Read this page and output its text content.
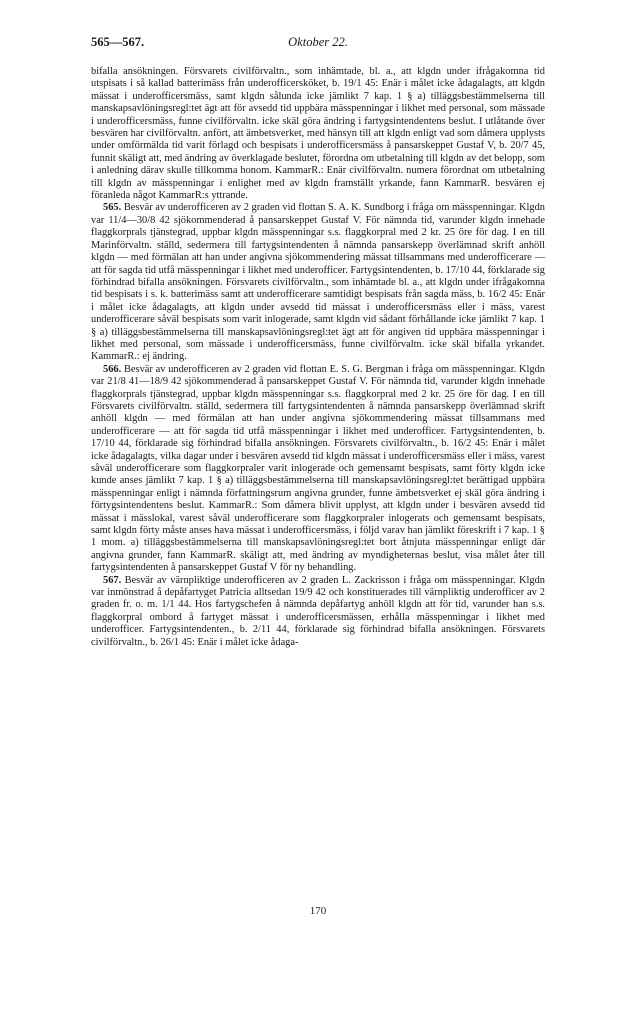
565—567.	Oktober 22.

bifalla ansökningen. Försvarets civilförvaltn., som inhämtade, bl. a., att klgdn under ifrågakomna tid utspisats i så kallad batterimäss från underofficersköket, b. 19/1 45: Enär i målet icke ådagalagts, att klgdn mässat i underofficersmäss, samt klgdn sålunda icke jämlikt 7 kap. 1 § a) tilläggsbestämmelserna till manskapsavlöningsregl:tet ägt att för avsedd tid uppbära mässpenningar i likhet med personal, som mässade i underofficersmäss, funne civilförvaltn. icke skäl göra ändring i fartygsintendentens beslut. I utlåtande över besvären har civilförvaltn. anfört, att ämbetsverket, med hänsyn till att klgdn enligt vad som dåmera upplysts under omförmälda tid varit förlagd och bespisats i underofficersmäss å pansarskeppet Gustaf V, b. 20/7 45, funnit skäligt att, med ändring av överklagade beslutet, förordna om utbetalning till klgdn av det belopp, som i anledning därav skulle tillkomma honom. KammarR.: Enär civilförvaltn. numera förordnat om utbetalning till klgdn av mässpenningar i enlighet med av klgdn framställt yrkande, fann KammarR. besvären ej föranleda något KammarR:s yttrande.

565. Besvär av underofficeren av 2 graden vid flottan S. A. K. Sundborg i fråga om mässpenningar. Klgdn var 11/4—30/8 42 sjökommenderad å pansarskeppet Gustaf V. För nämnda tid, varunder klgdn innehade flaggkorprals tjänstegrad, uppbar klgdn mässpenningar s.s. flaggkorpral med 2 kr. 25 öre för dag. I en till Marinförvaltn. ställd, sedermera till fartygsintendenten å nämnda pansarskepp överlämnad skrift anhöll klgdn — med förmälan att han under angivna sjökommendering mässat tillsammans med underofficerare — att för sagda tid utfå mässpenningar i likhet med underofficer. Fartygsintendenten, b. 17/10 44, förklarade sig förhindrad bifalla ansökningen. Försvarets civilförvaltn., som inhämtade bl. a., att klgdn under ifrågakomna tid bespisats i s. k. batterimäss samt att underofficerare samtidigt bespisats från sagda mäss, b. 16/2 45: Enär i målet icke ådagalagts, att klgdn under avsedd tid mässat i underofficersmäss eller i mäss, varest underofficerare såväl bespisats som varit inlogerade, samt klgdn vid sådant förhållande icke jämlikt 7 kap. 1 § a) tilläggsbestämmelserna till manskapsavlöningsregl:tet ägt att för angiven tid uppbära mässpenningar i likhet med personal, som mässade i underofficersmäss, funne civilförvaltn. icke skäl bifalla yrkandet. KammarR.: ej ändring.

566. Besvär av underofficeren av 2 graden vid flottan E. S. G. Bergman i fråga om mässpenningar. Klgdn var 21/8 41—18/9 42 sjökommenderad å pansarskeppet Gustaf V. För nämnda tid, varunder klgdn innehade flaggkorprals tjänstegrad, uppbar klgdn mässpenningar s.s. flaggkorpral med 2 kr. 25 öre för dag. I en till Försvarets civilförvaltn. ställd, sedermera till fartygsintendenten å nämnda pansarskepp överlämnad skrift anhöll klgdn — med förmälan att han under angivna sjökommendering mässat tillsammans med underofficerare — att för sagda tid utfå mässpenningar i likhet med underofficer. Fartygsintendenten, b. 17/10 44, förklarade sig förhindrad bifalla ansökningen. Försvarets civilförvaltn., b. 16/2 45: Enär i målet icke ådagalagts, vilka dagar under i besvären avsedd tid klgdn mässat i underofficersmäss eller i mäss, varest såväl underofficerare som flaggkorpraler varit inlogerade och gemensamt bespisats, samt förty klgdn icke kunde anses jämlikt 7 kap. 1 § a) tilläggsbestämmelserna till manskapsavlöningsregl:tet berättigad uppbära mässpenningar enligt i nämnda författningsrum angivna grunder, funne ämbetsverket ej skäl göra ändring i förtygsintendentens beslut. KammarR.: Som dåmera blivit upplyst, att klgdn under i besvären avsedd tid mässat i mässlokal, varest såväl underofficerare som flaggkorpraler inlogerats och gemensamt bespisats, samt klgdn förty måste anses hava mässat i underofficersmäss, i följd varav han jämlikt föreskrift i 7 kap. 1 § 1 mom. a) tilläggsbestämmelserna till manskapsavlöningsregl:tet bort åtnjuta mässpenningar enligt där angivna grunder, fann KammarR. skäligt att, med ändring av myndigheternas beslut, visa målet åter till fartygsintendenten å pansarskeppet Gustaf V för ny behandling.

567. Besvär av värnpliktige underofficeren av 2 graden L. Zackrisson i fråga om mässpenningar. Klgdn var inmönstrad å depåfartyget Patricia alltsedan 19/9 42 och konstituerades till värnpliktig underofficer av 2 graden fr. o. m. 1/1 44. Hos fartygschefen å nämnda depåfartyg anhöll klgdn att för tid, varunder han s.s. flaggkorpral ombord å fartyget mässat i underofficersmässen, erhålla mässpenningar i likhet med underofficer. Fartygsintendenten., b. 2/11 44, förklarade sig förhindrad bifalla ansökningen. Försvarets civilförvaltn., b. 26/1 45: Enär i målet icke ådaga-

170
